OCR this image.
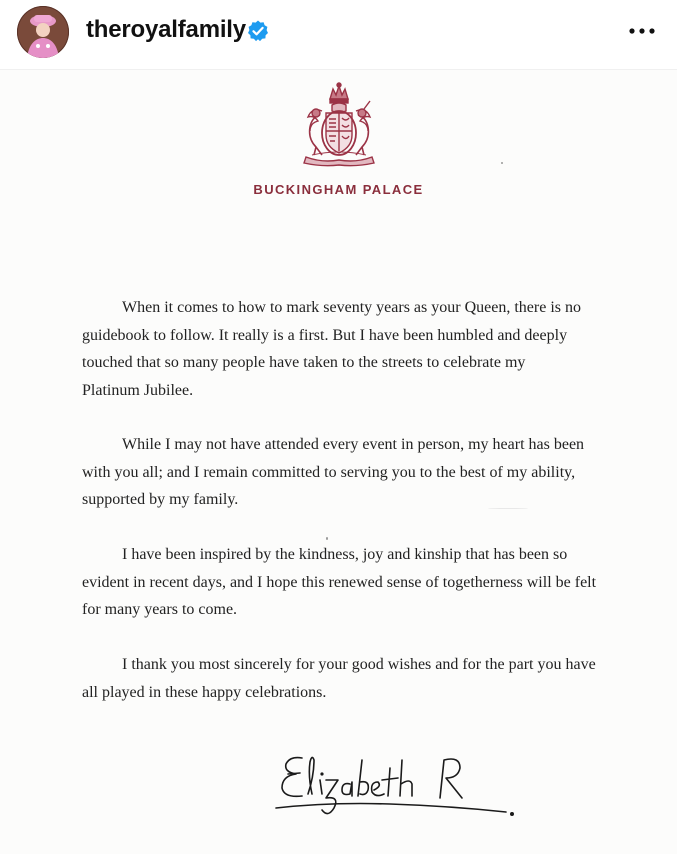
theroyalfamily
BUCKINGHAM PALACE

When it comes to how to mark seventy years as your Queen, there is no

guidebook to follow. It really is a first. But I have been humbled and deeply

touched that so many people have taken to the streets to celebrate my

Platinum Jubilee.

While I may not have attended every event in person, my heart has been

with you all; and I remain committed to serving you to the best of my ability,

supported by my family.

I have been inspired by the kindness, joy and kinship that has been so

evident in recent days, and I hope this renewed sense of togetherness will be felt

for many years to come.

I thank you most sincerely for your good wishes and for the part you have

all played in these happy celebrations.
